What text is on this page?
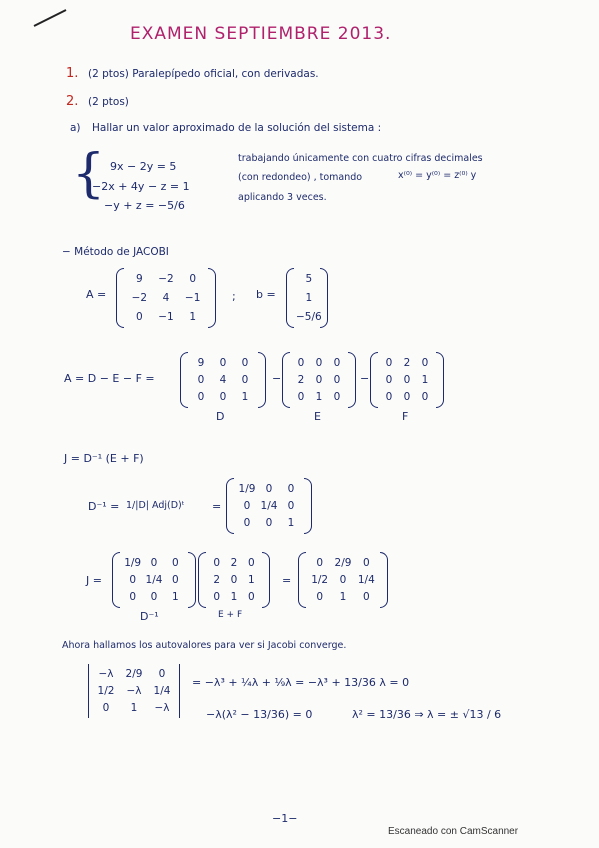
EXAMEN SEPTIEMBRE 2013.
1. (2 ptos) Paralepípedo oficial, con derivadas.
2. (2 ptos)
a) Hallar un valor aproximado de la solución del sistema :
{ 9x − 2y = 5
−2x + 4y − z = 1
−y + z = −5/6
trabajando únicamente con cuatro cifras decimales
(con redondeo) , tomando	x⁽⁰⁾ = y⁽⁰⁾ = z⁽⁰⁾ y
aplicando 3 veces.
− Método de JACOBI
A =
9 −2 0
−2 4 −1
0 −1 1
; b =
5
1
−5/6
A = D − E − F =
9 0 0
0 4 0
0 0 1
D
−
0 0 0
2 0 0
0 1 0
E
−
0 2 0
0 0 1
0 0 0
F
J = D⁻¹ (E + F)
D⁻¹ = 1/|D| Adj(D)ᵗ =
1/9 0 0
0 1/4 0
0 0 1
J =
1/9 0 0
0 1/4 0
0 0 1
D⁻¹
0 2 0
2 0 1
0 1 0
E + F
=
0 2/9 0
1/2 0 1/4
0 1 0
Ahora hallamos los autovalores para ver si Jacobi converge.
−λ 2/9 0
1/2 −λ 1/4
0 1 −λ
= −λ³ + ¼λ + ⅑λ = −λ³ + 13/36 λ = 0
−λ(λ² − 13/36) = 0	λ² = 13/36 ⇒ λ = ± √13 / 6
−1−
Escaneado con CamScanner
